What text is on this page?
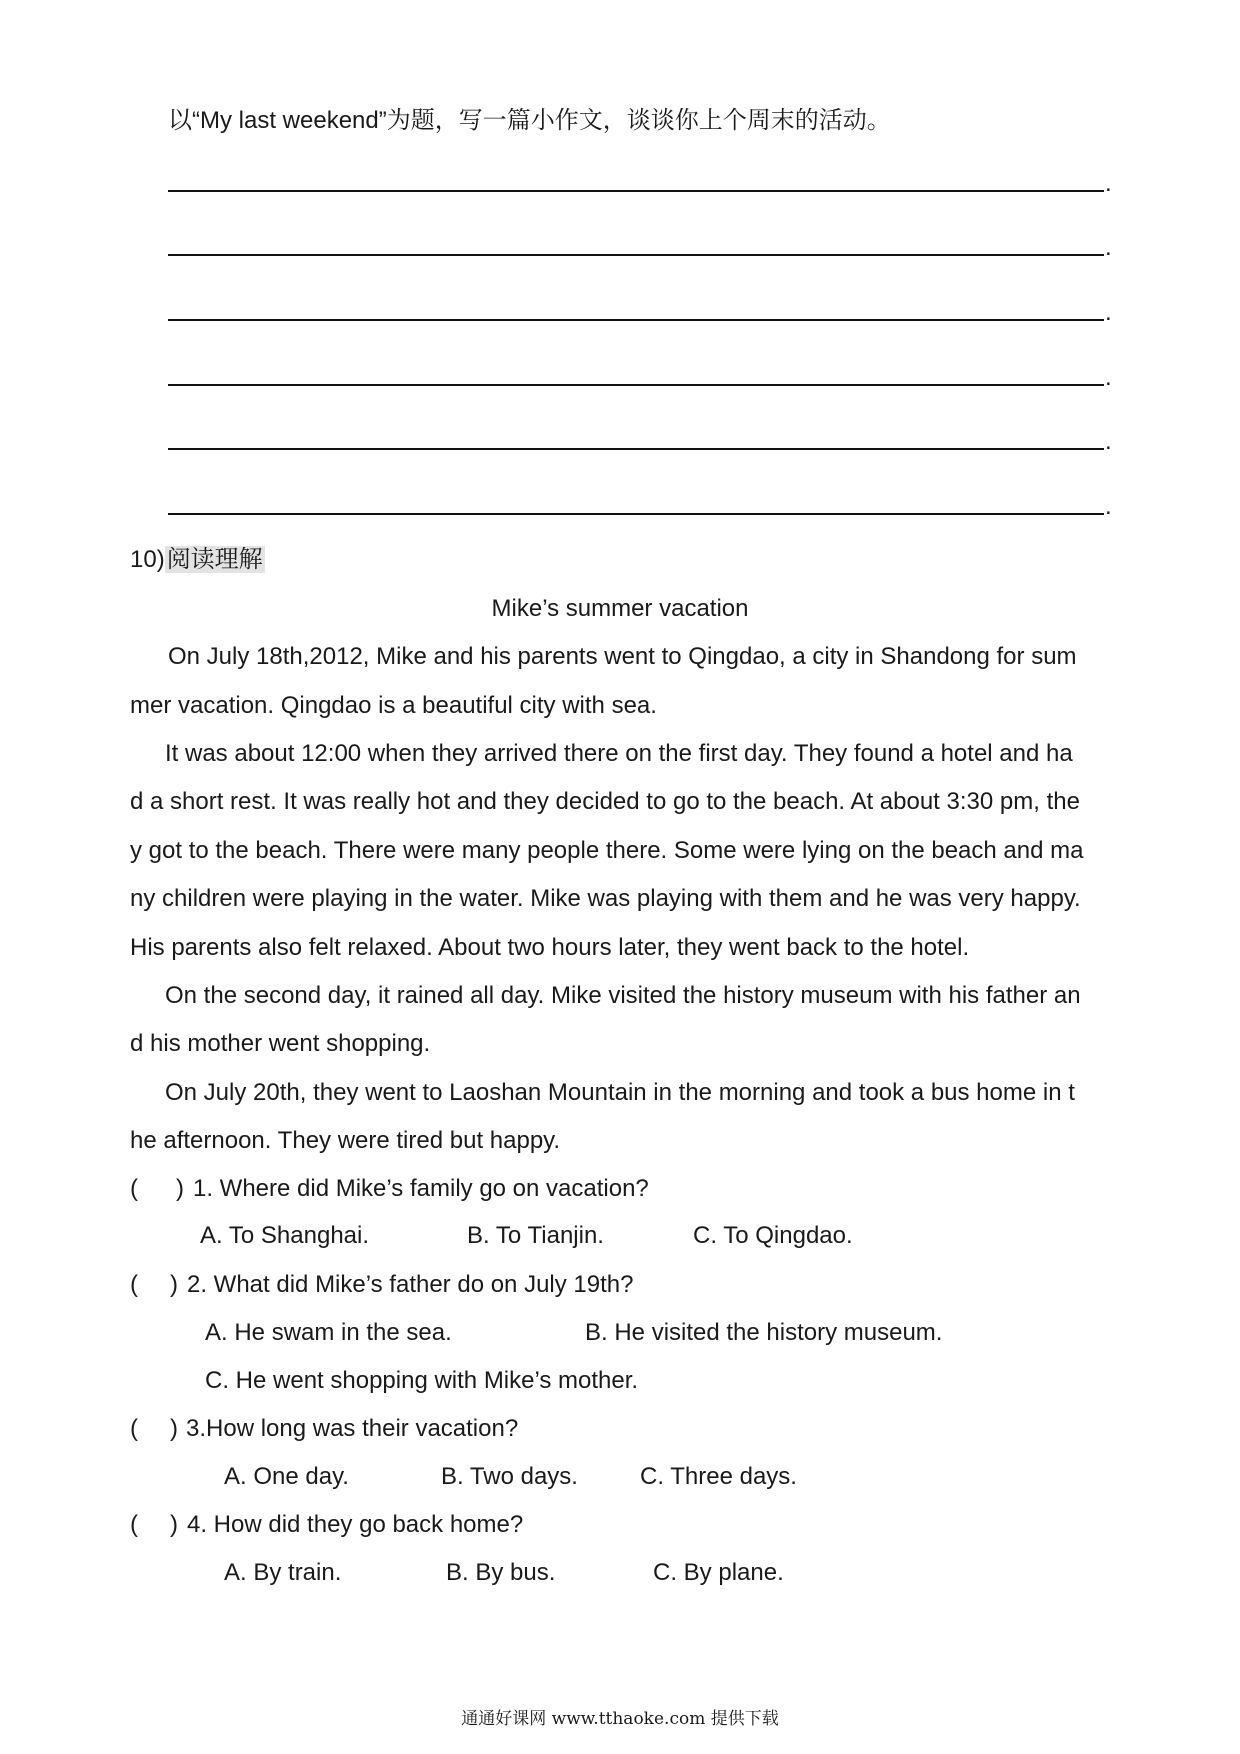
以“My last weekend”为题，写一篇小作文，谈谈你上个周末的活动。
.
.
.
.
.
.
10)阅读理解
Mike’s summer vacation
On July 18th,2012, Mike and his parents went to Qingdao, a city in Shandong for sum
mer vacation. Qingdao is a beautiful city with sea.
It was about 12:00 when they arrived there on the first day. They found a hotel and ha
d a short rest. It was really hot and they decided to go to the beach. At about 3:30 pm, the
y got to the beach. There were many people there. Some were lying on the beach and ma
ny children were playing in the water. Mike was playing with them and he was very happy.
His parents also felt relaxed. About two hours later, they went back to the hotel.
On the second day, it rained all day. Mike visited the history museum with his father an
d his mother went shopping.
On July 20th, they went to Laoshan Mountain in the morning and took a bus home in t
he afternoon. They were tired but happy.
( ) 1. Where did Mike’s family go on vacation?
A. To Shanghai.	B. To Tianjin.	C. To Qingdao.
( ) 2. What did Mike’s father do on July 19th?
A. He swam in the sea.	B. He visited the history museum.
C. He went shopping with Mike’s mother.
( ) 3.How long was their vacation?
A. One day.	B. Two days.	C. Three days.
( ) 4. How did they go back home?
A. By train.	B. By bus.	C. By plane.
通通好课网 www.tthaoke.com 提供下载
